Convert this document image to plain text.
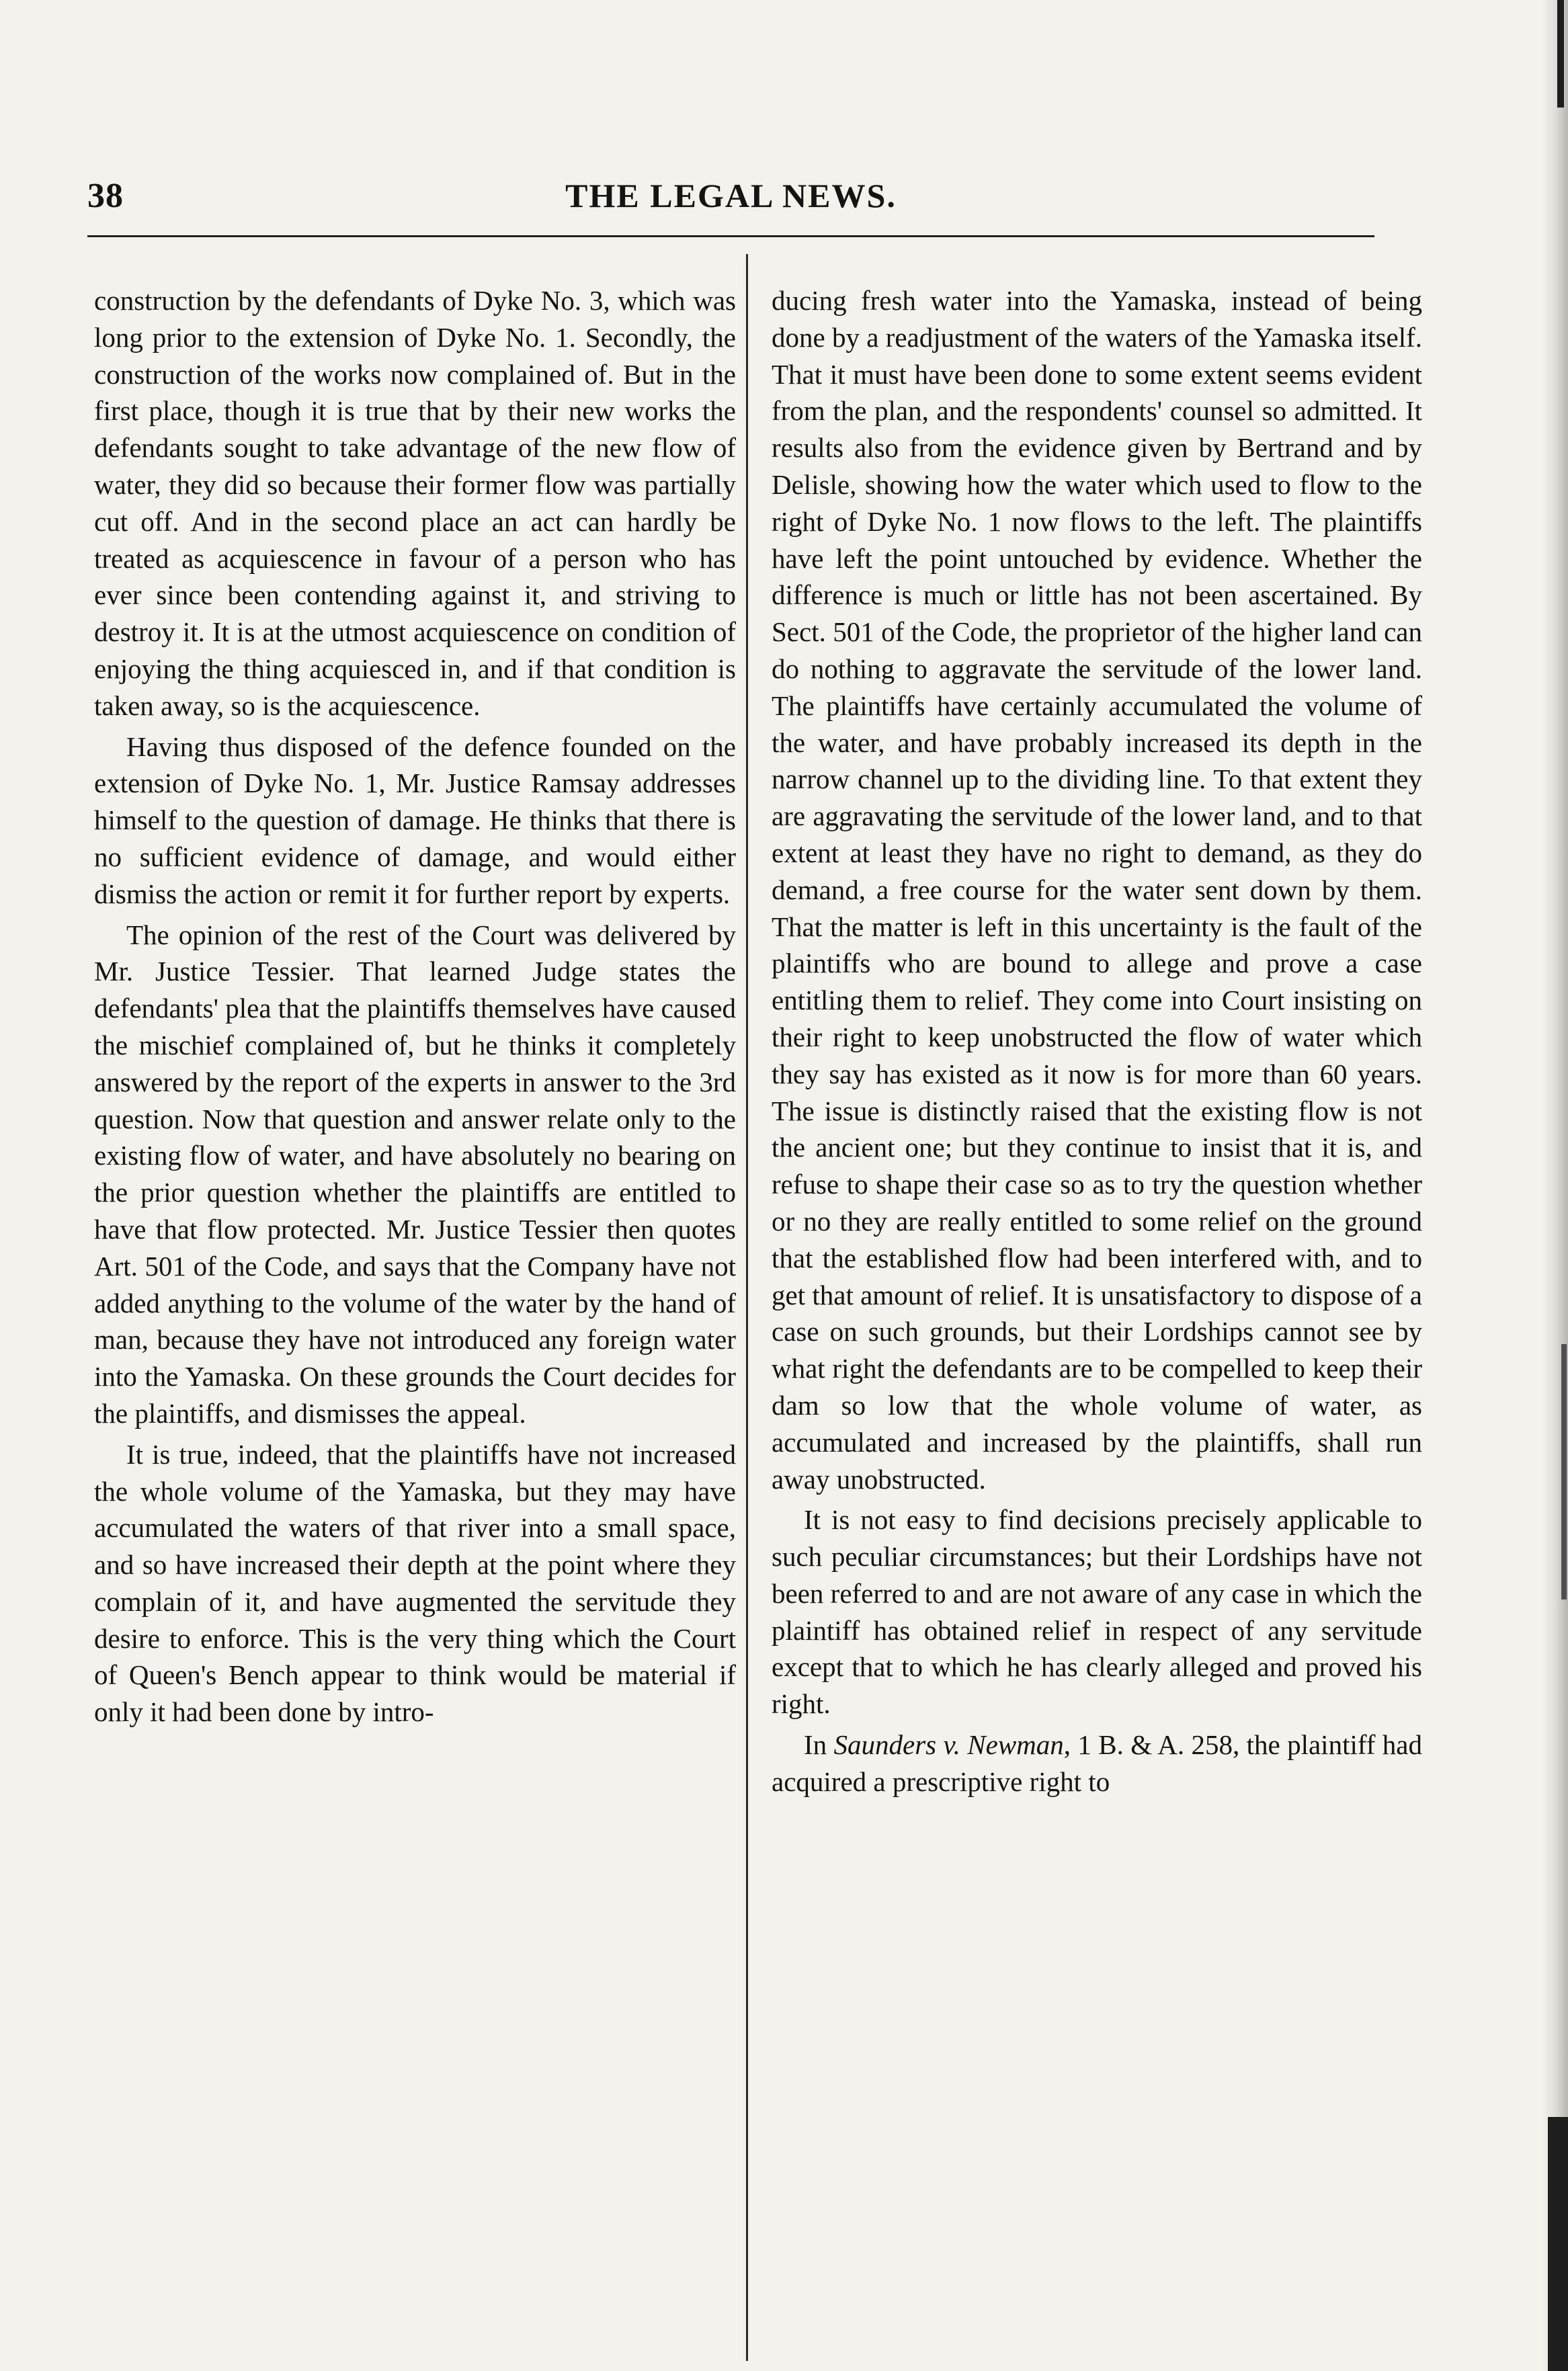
38	THE LEGAL NEWS.

construction by the defendants of Dyke No. 3, which was long prior to the extension of Dyke No. 1. Secondly, the construction of the works now complained of. But in the first place, though it is true that by their new works the defendants sought to take advantage of the new flow of water, they did so because their former flow was partially cut off. And in the second place an act can hardly be treated as acquiescence in favour of a person who has ever since been contending against it, and striving to destroy it. It is at the utmost acquiescence on condition of enjoying the thing acquiesced in, and if that condition is taken away, so is the acquiescence.

Having thus disposed of the defence founded on the extension of Dyke No. 1, Mr. Justice Ramsay addresses himself to the question of damage. He thinks that there is no sufficient evidence of damage, and would either dismiss the action or remit it for further report by experts.

The opinion of the rest of the Court was delivered by Mr. Justice Tessier. That learned Judge states the defendants' plea that the plaintiffs themselves have caused the mischief complained of, but he thinks it completely answered by the report of the experts in answer to the 3rd question. Now that question and answer relate only to the existing flow of water, and have absolutely no bearing on the prior question whether the plaintiffs are entitled to have that flow protected. Mr. Justice Tessier then quotes Art. 501 of the Code, and says that the Company have not added anything to the volume of the water by the hand of man, because they have not introduced any foreign water into the Yamaska. On these grounds the Court decides for the plaintiffs, and dismisses the appeal.

It is true, indeed, that the plaintiffs have not increased the whole volume of the Yamaska, but they may have accumulated the waters of that river into a small space, and so have increased their depth at the point where they complain of it, and have augmented the servitude they desire to enforce. This is the very thing which the Court of Queen's Bench appear to think would be material if only it had been done by intro-

ducing fresh water into the Yamaska, instead of being done by a readjustment of the waters of the Yamaska itself. That it must have been done to some extent seems evident from the plan, and the respondents' counsel so admitted. It results also from the evidence given by Bertrand and by Delisle, showing how the water which used to flow to the right of Dyke No. 1 now flows to the left. The plaintiffs have left the point untouched by evidence. Whether the difference is much or little has not been ascertained. By Sect. 501 of the Code, the proprietor of the higher land can do nothing to aggravate the servitude of the lower land. The plaintiffs have certainly accumulated the volume of the water, and have probably increased its depth in the narrow channel up to the dividing line. To that extent they are aggravating the servitude of the lower land, and to that extent at least they have no right to demand, as they do demand, a free course for the water sent down by them. That the matter is left in this uncertainty is the fault of the plaintiffs who are bound to allege and prove a case entitling them to relief. They come into Court insisting on their right to keep unobstructed the flow of water which they say has existed as it now is for more than 60 years. The issue is distinctly raised that the existing flow is not the ancient one; but they continue to insist that it is, and refuse to shape their case so as to try the question whether or no they are really entitled to some relief on the ground that the established flow had been interfered with, and to get that amount of relief. It is unsatisfactory to dispose of a case on such grounds, but their Lordships cannot see by what right the defendants are to be compelled to keep their dam so low that the whole volume of water, as accumulated and increased by the plaintiffs, shall run away unobstructed.

It is not easy to find decisions precisely applicable to such peculiar circumstances; but their Lordships have not been referred to and are not aware of any case in which the plaintiff has obtained relief in respect of any servitude except that to which he has clearly alleged and proved his right.

In Saunders v. Newman, 1 B. & A. 258, the plaintiff had acquired a prescriptive right to
